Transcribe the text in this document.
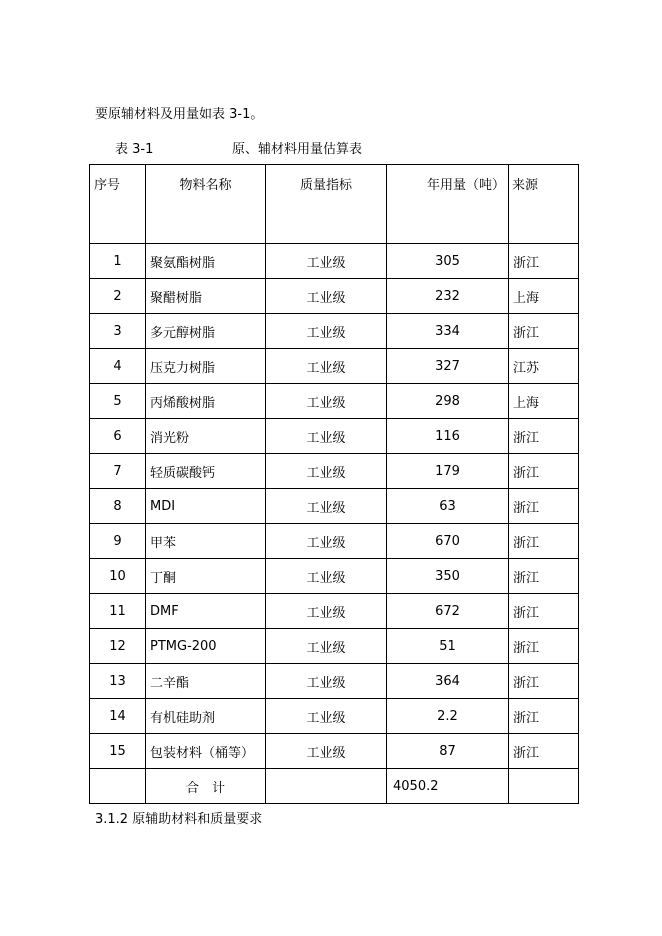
要原辅材料及用量如表 3-1。
表 3-1	原、辅材料用量估算表
序号	物料名称	质量指标	年用量（吨）	来源
1	聚氨酯树脂	工业级	305	浙江
2	聚醋树脂	工业级	232	上海
3	多元醇树脂	工业级	334	浙江
4	压克力树脂	工业级	327	江苏
5	丙烯酸树脂	工业级	298	上海
6	消光粉	工业级	116	浙江
7	轻质碳酸钙	工业级	179	浙江
8	MDI	工业级	63	浙江
9	甲苯	工业级	670	浙江
10	丁酮	工业级	350	浙江
11	DMF	工业级	672	浙江
12	PTMG-200	工业级	51	浙江
13	二辛酯	工业级	364	浙江
14	有机硅助剂	工业级	2.2	浙江
15	包装材料（桶等）	工业级	87	浙江
	合　计		4050.2	
3.1.2 原辅助材料和质量要求
